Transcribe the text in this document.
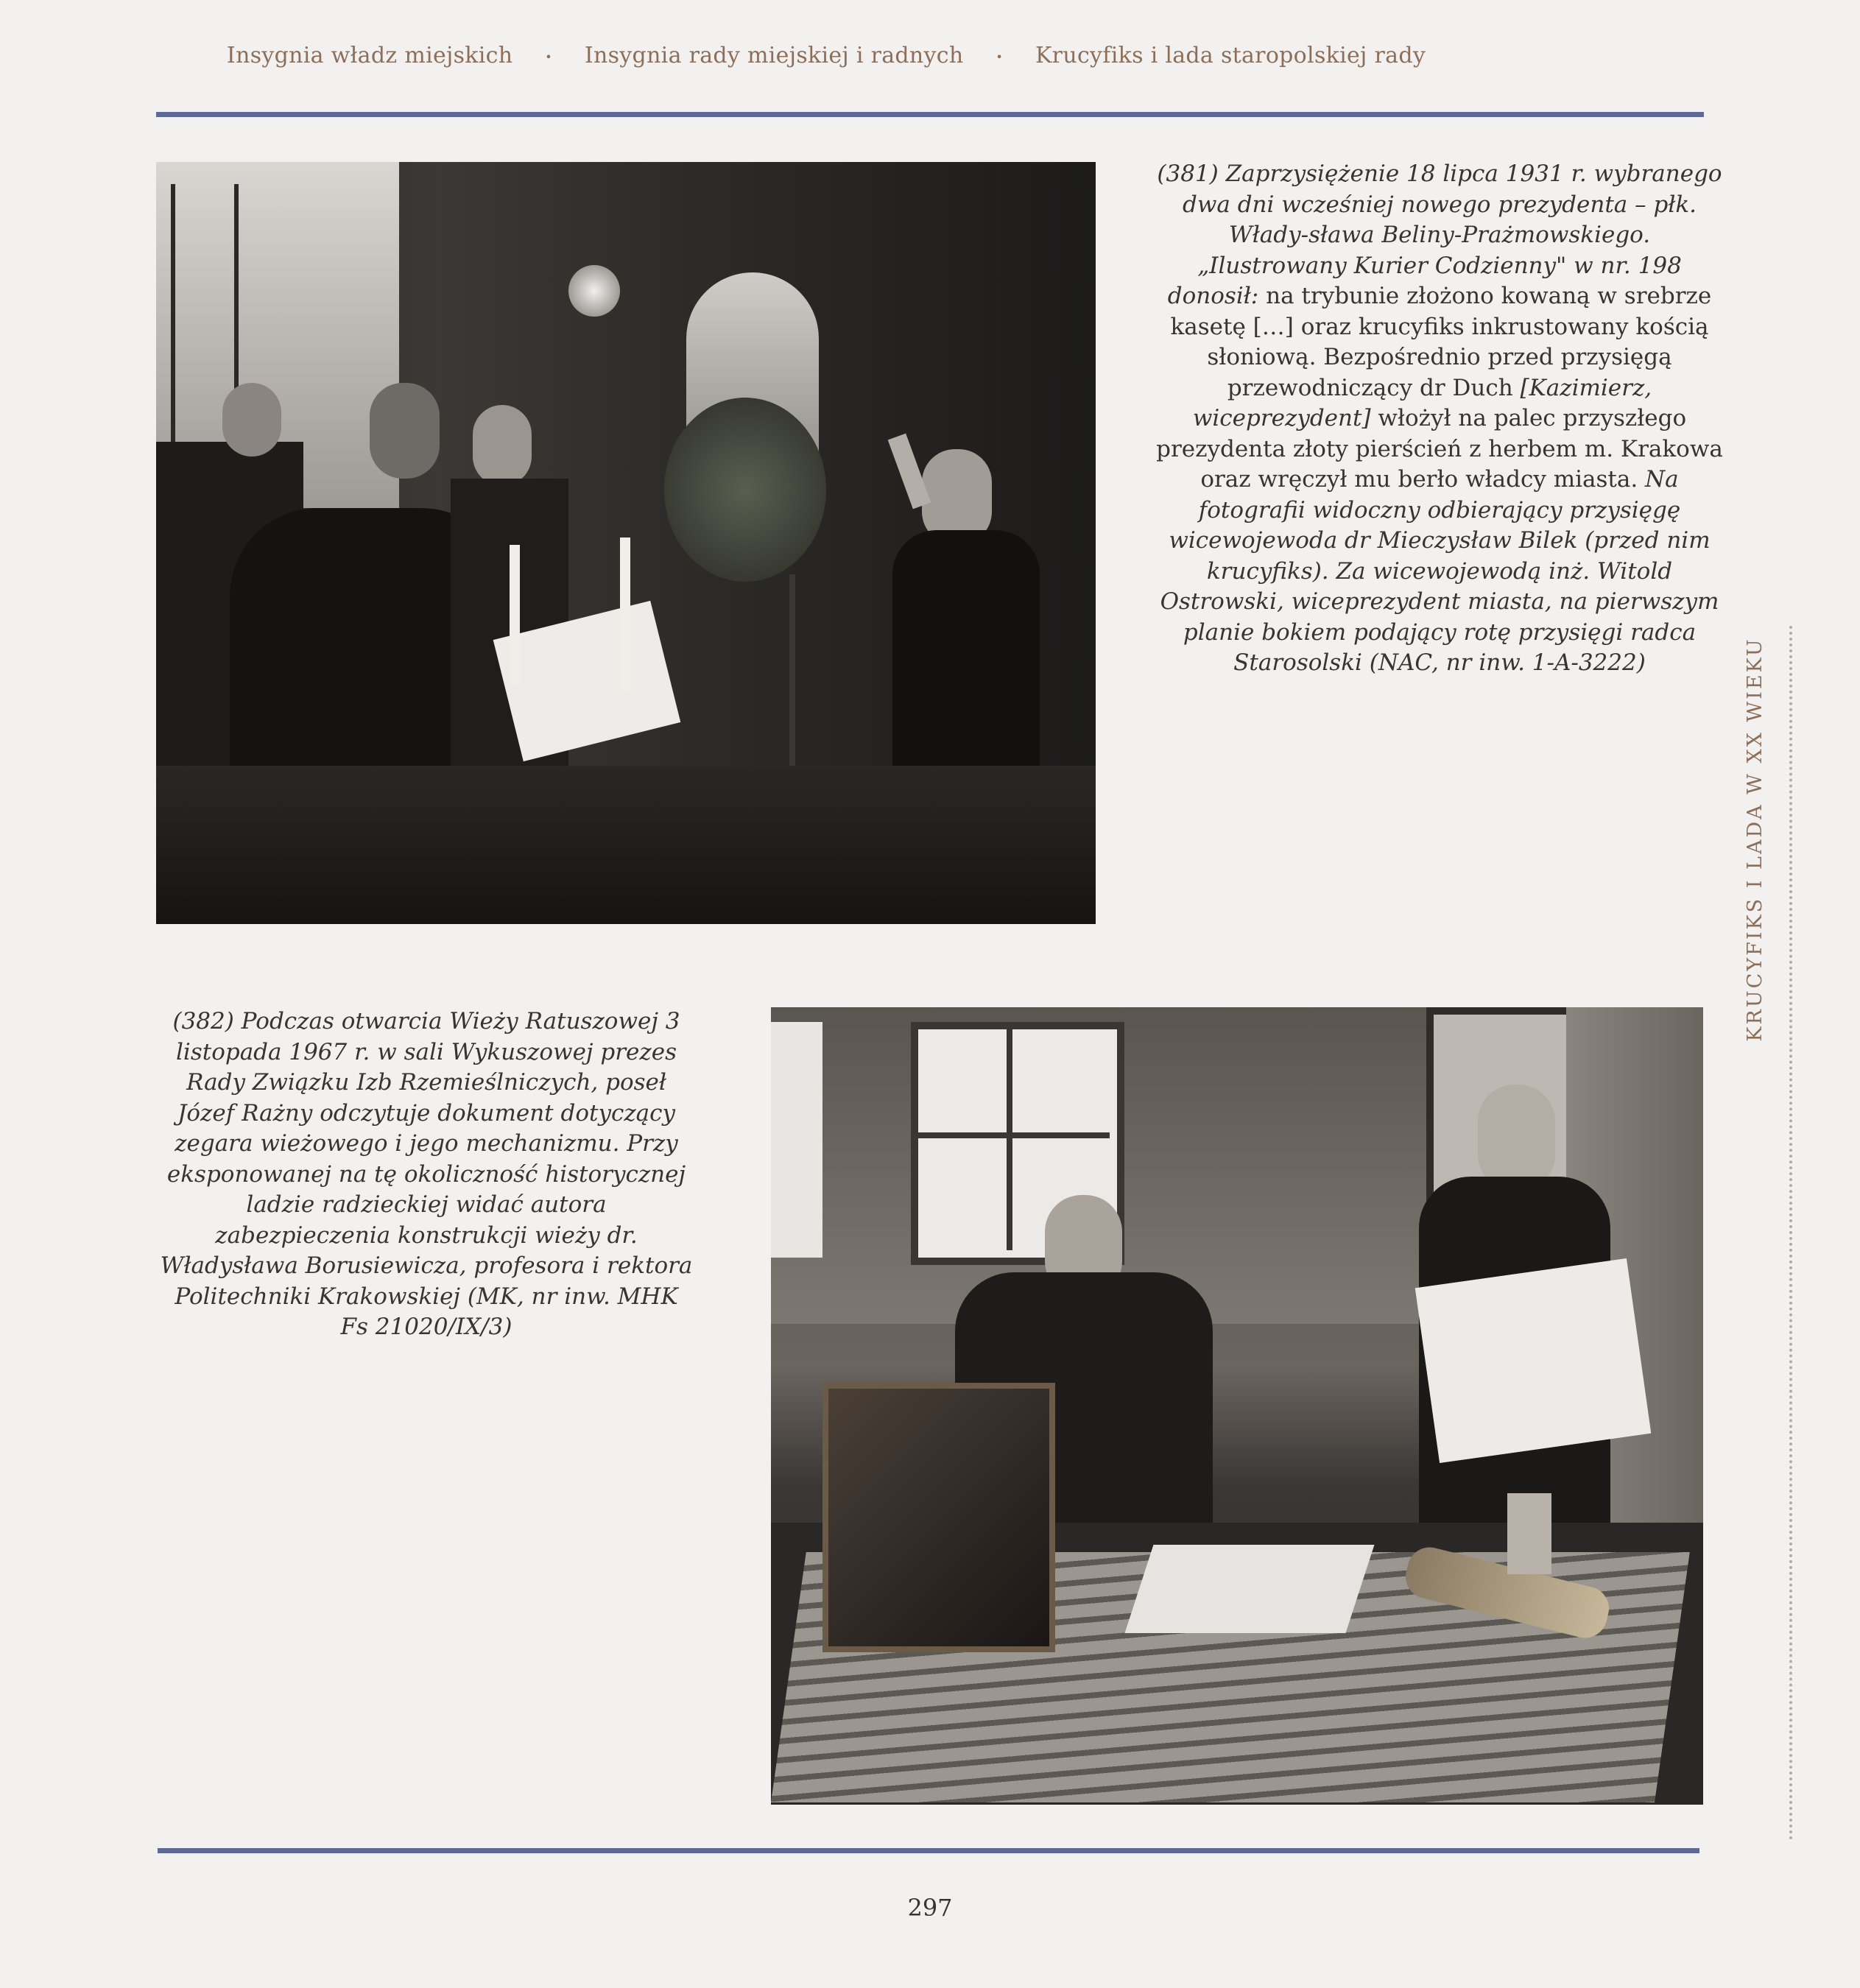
Insygnia władz miejskich	• Insygnia rady miejskiej i radnych	• Krucyfiks i lada staropolskiej rady
(381) Zaprzysiężenie 18 lipca 1931 r. wybranego dwa dni wcześniej nowego prezydenta – płk. Włady-sława Beliny-Prażmowskiego. „Ilustrowany Kurier Codzienny" w nr. 198 donosił: na trybunie złożono kowaną w srebrze kasetę […] oraz krucyfiks inkrustowany kością słoniową. Bezpośrednio przed przysięgą przewodniczący dr Duch [Kazimierz, wiceprezydent] włożył na palec przyszłego prezydenta złoty pierścień z herbem m. Krakowa oraz wręczył mu berło władcy miasta. Na fotografii widoczny odbierający przysięgę wicewojewoda dr Mieczysław Bilek (przed nim krucyfiks). Za wicewojewodą inż. Witold Ostrowski, wiceprezydent miasta, na pierwszym planie bokiem podający rotę przysięgi radca Starosolski (NAC, nr inw. 1-A-3222)
(382) Podczas otwarcia Wieży Ratuszowej 3 listopada 1967 r. w sali Wykuszowej prezes Rady Związku Izb Rzemieślniczych, poseł Józef Rażny odczytuje dokument dotyczący zegara wieżowego i jego mechanizmu. Przy eksponowanej na tę okoliczność historycznej ladzie radzieckiej widać autora zabezpieczenia konstrukcji wieży dr. Władysława Borusiewicza, profesora i rektora Politechniki Krakowskiej (MK, nr inw. MHK Fs 21020/IX/3)
KRUCYFIKS I LADA W XX WIEKU
297
